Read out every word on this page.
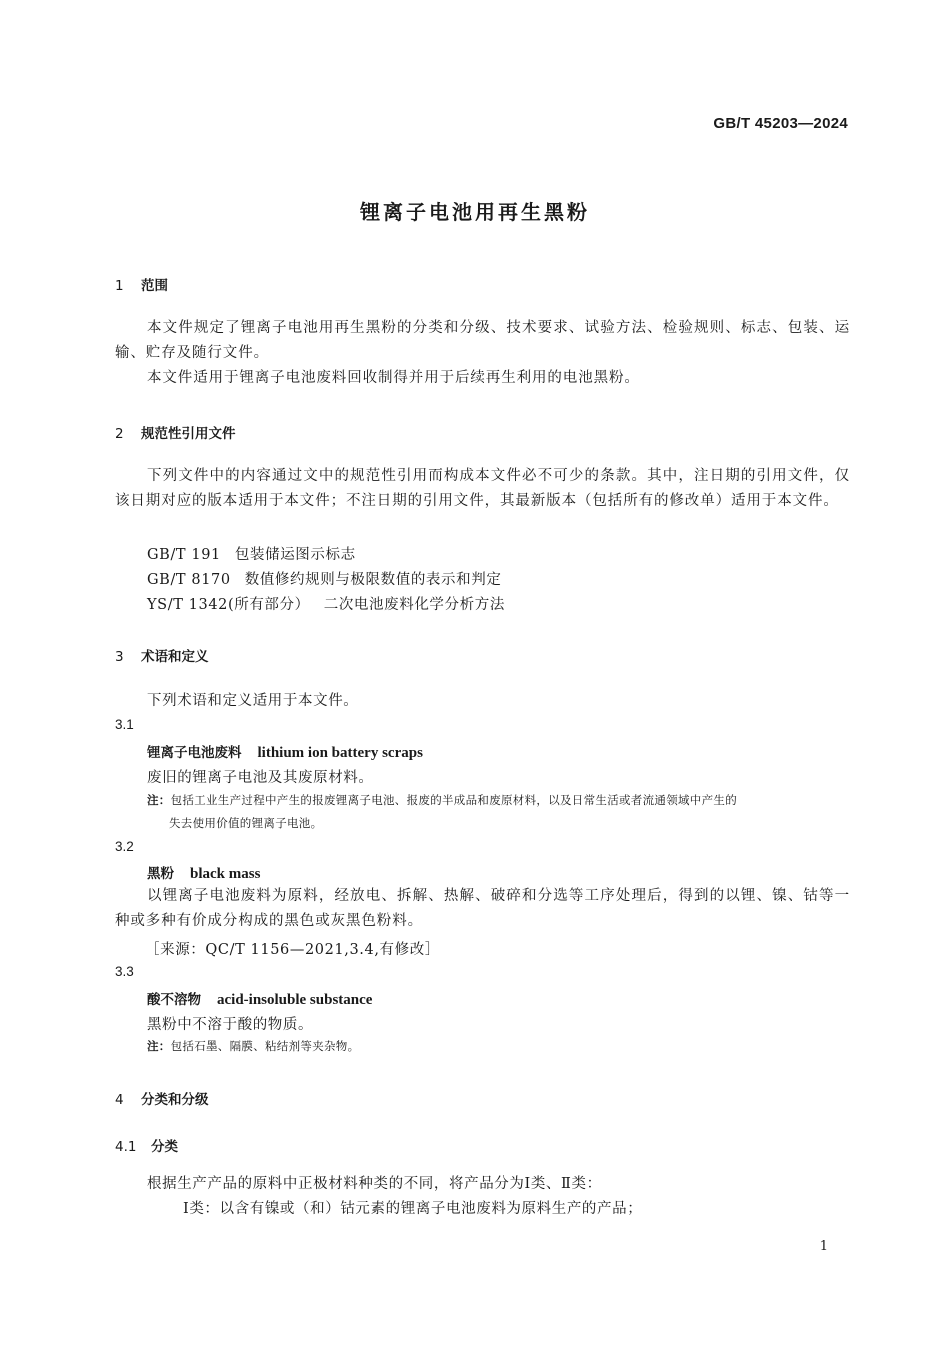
GB/T 45203—2024
锂离子电池用再生黑粉
1 范围
本文件规定了锂离子电池用再生黑粉的分类和分级、技术要求、试验方法、检验规则、标志、包装、运输、贮存及随行文件。
本文件适用于锂离子电池废料回收制得并用于后续再生利用的电池黑粉。
2 规范性引用文件
下列文件中的内容通过文中的规范性引用而构成本文件必不可少的条款。其中，注日期的引用文件，仅该日期对应的版本适用于本文件；不注日期的引用文件，其最新版本（包括所有的修改单）适用于本文件。
GB/T 191 包装储运图示标志
GB/T 8170 数值修约规则与极限数值的表示和判定
YS/T 1342(所有部分） 二次电池废料化学分析方法
3 术语和定义
下列术语和定义适用于本文件。
3.1
锂离子电池废料 lithium ion battery scraps
废旧的锂离子电池及其废原材料。
注：包括工业生产过程中产生的报废锂离子电池、报废的半成品和废原材料，以及日常生活或者流通领域中产生的
失去使用价值的锂离子电池。
3.2
黑粉 black mass
以锂离子电池废料为原料，经放电、拆解、热解、破碎和分选等工序处理后，得到的以锂、镍、钴等一种或多种有价成分构成的黑色或灰黑色粉料。
［来源：QC/T 1156—2021,3.4,有修改］
3.3
酸不溶物 acid-insoluble substance
黑粉中不溶于酸的物质。
注：包括石墨、隔膜、粘结剂等夹杂物。
4 分类和分级
4.1 分类
根据生产产品的原料中正极材料种类的不同，将产品分为Ⅰ类、Ⅱ类：
Ⅰ类：以含有镍或（和）钴元素的锂离子电池废料为原料生产的产品；
1
